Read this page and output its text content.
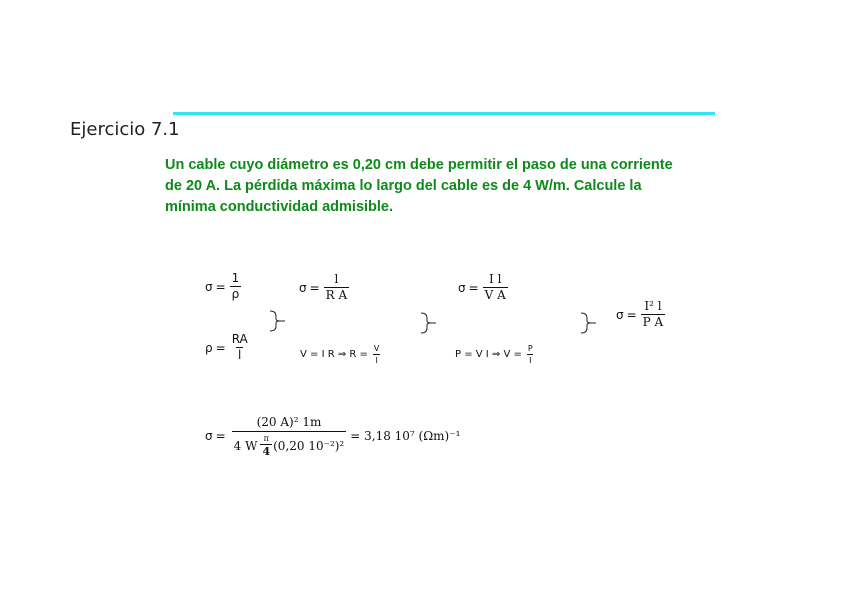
Ejercicio 7.1
Un cable cuyo diámetro es 0,20 cm debe permitir el paso de una corriente
de 20 A. La pérdida máxima lo largo del cable es de 4 W/m. Calcule la
mínima conductividad admisible.
$\sigma = \frac{1}{\rho}$	$\sigma = \frac{l}{\text{R A}}$	$\sigma = \frac{\text{I l}}{\text{V A}}$
$\sigma = \frac{\text{I² l}}{\text{P A}}$
$\rho = \frac{RA}{l}$	V = I R ⇒ $R = \frac{V}{I}$	P = V I ⇒ $V = \frac{P}{I}$
$\sigma = \frac{\text{(20 A)² 1m}}{4 W \frac{\pi}{4} (0,20 10^{-2})^2} = 3,18$ 10⁷ (Ωm)⁻¹
